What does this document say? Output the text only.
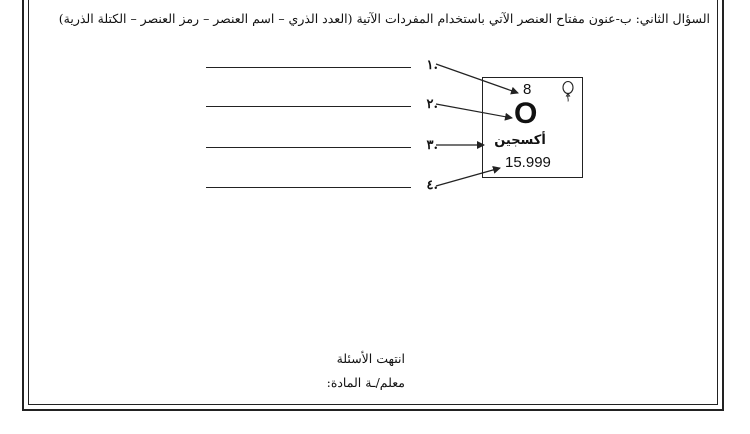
السؤال الثاني: ب-عنون مفتاح العنصر الآتي باستخدام المفردات الآتية (العدد الذري – اسم العنصر – رمز العنصر – الكتلة الذرية)
.١
.٢
.٣
.٤
8
O
أكسجين
15.999
انتهت الأسئلة
معلم/ـة المادة:
